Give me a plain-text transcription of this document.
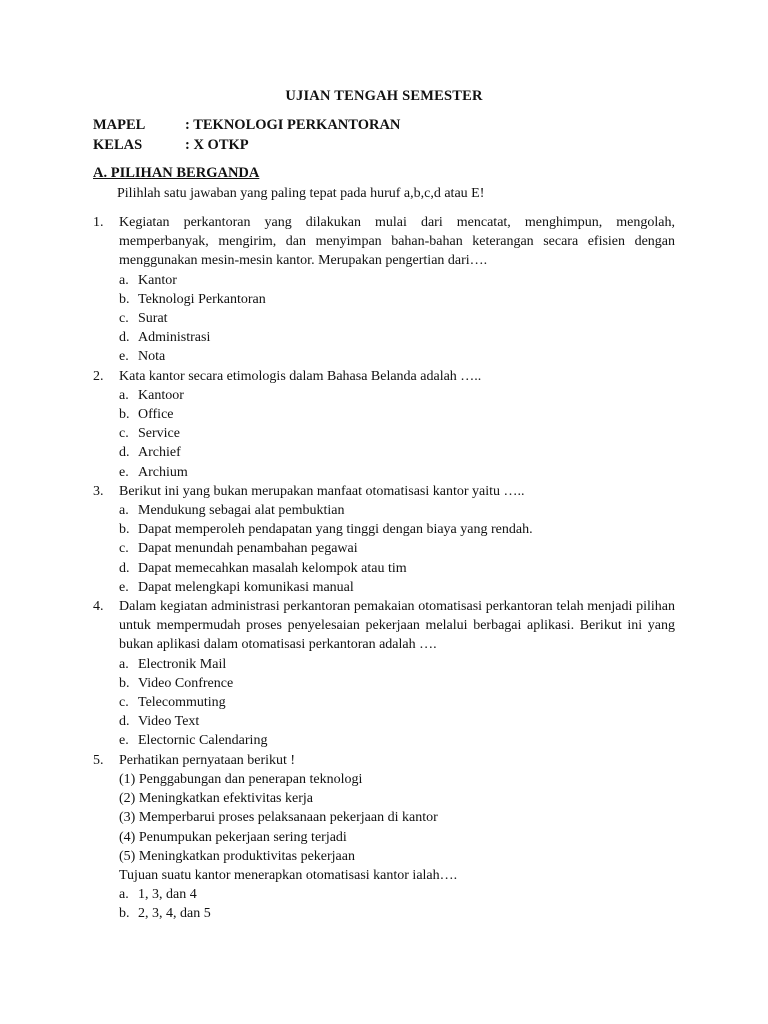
UJIAN TENGAH SEMESTER
MAPEL	: TEKNOLOGI PERKANTORAN
KELAS	: X OTKP
A. PILIHAN BERGANDA
Pilihlah satu jawaban yang paling tepat pada huruf a,b,c,d atau E!
1.	Kegiatan perkantoran yang dilakukan mulai dari mencatat, menghimpun, mengolah, memperbanyak, mengirim, dan menyimpan bahan-bahan keterangan secara efisien dengan menggunakan mesin-mesin kantor. Merupakan pengertian dari….
a. Kantor
b. Teknologi Perkantoran
c. Surat
d. Administrasi
e. Nota
2.	Kata kantor secara etimologis dalam Bahasa Belanda adalah …..
a. Kantoor
b. Office
c. Service
d. Archief
e. Archium
3.	Berikut ini yang bukan merupakan manfaat otomatisasi kantor yaitu …..
a. Mendukung sebagai alat pembuktian
b. Dapat memperoleh pendapatan yang tinggi dengan biaya yang rendah.
c. Dapat menundah penambahan pegawai
d. Dapat memecahkan masalah kelompok atau tim
e. Dapat melengkapi komunikasi manual
4.	Dalam kegiatan administrasi perkantoran pemakaian otomatisasi perkantoran telah menjadi pilihan untuk mempermudah proses penyelesaian pekerjaan melalui berbagai aplikasi. Berikut ini yang bukan aplikasi dalam otomatisasi perkantoran adalah ….
a. Electronik Mail
b. Video Confrence
c. Telecommuting
d. Video Text
e. Electornic Calendaring
5.	Perhatikan pernyataan berikut !
(1) Penggabungan dan penerapan teknologi
(2) Meningkatkan efektivitas kerja
(3) Memperbarui proses pelaksanaan pekerjaan di kantor
(4) Penumpukan pekerjaan sering terjadi
(5) Meningkatkan produktivitas pekerjaan
Tujuan suatu kantor menerapkan otomatisasi kantor ialah….
a. 1, 3, dan 4
b. 2, 3, 4, dan 5
